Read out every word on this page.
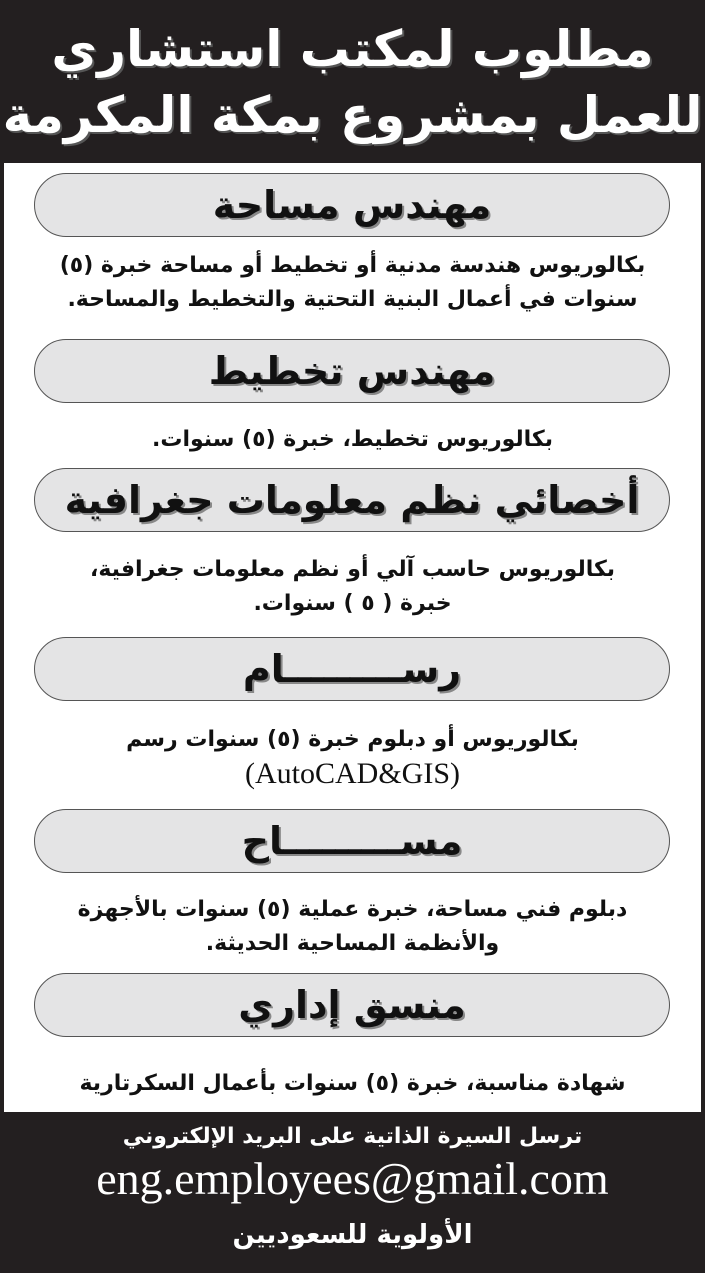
مطلوب لمكتب استشاري
للعمل بمشروع بمكة المكرمة
مهندس مساحة
بكالوريوس هندسة مدنية أو تخطيط أو مساحة خبرة (٥)
سنوات في أعمال البنية التحتية والتخطيط والمساحة.
مهندس تخطيط
بكالوريوس تخطيط، خبرة (٥) سنوات.
أخصائي نظم معلومات جغرافية
بكالوريوس حاسب آلي أو نظم معلومات جغرافية،
خبرة ( ٥ ) سنوات.
رســـــــــام
بكالوريوس أو دبلوم خبرة (٥) سنوات رسم
(AutoCAD&GIS)
مســـــــــاح
دبلوم فني مساحة، خبرة عملية (٥) سنوات بالأجهزة
والأنظمة المساحية الحديثة.
منسق إداري
شهادة مناسبة، خبرة (٥) سنوات بأعمال السكرتارية
ترسل السيرة الذاتية على البريد الإلكتروني
eng.employees@gmail.com
الأولوية للسعوديين
